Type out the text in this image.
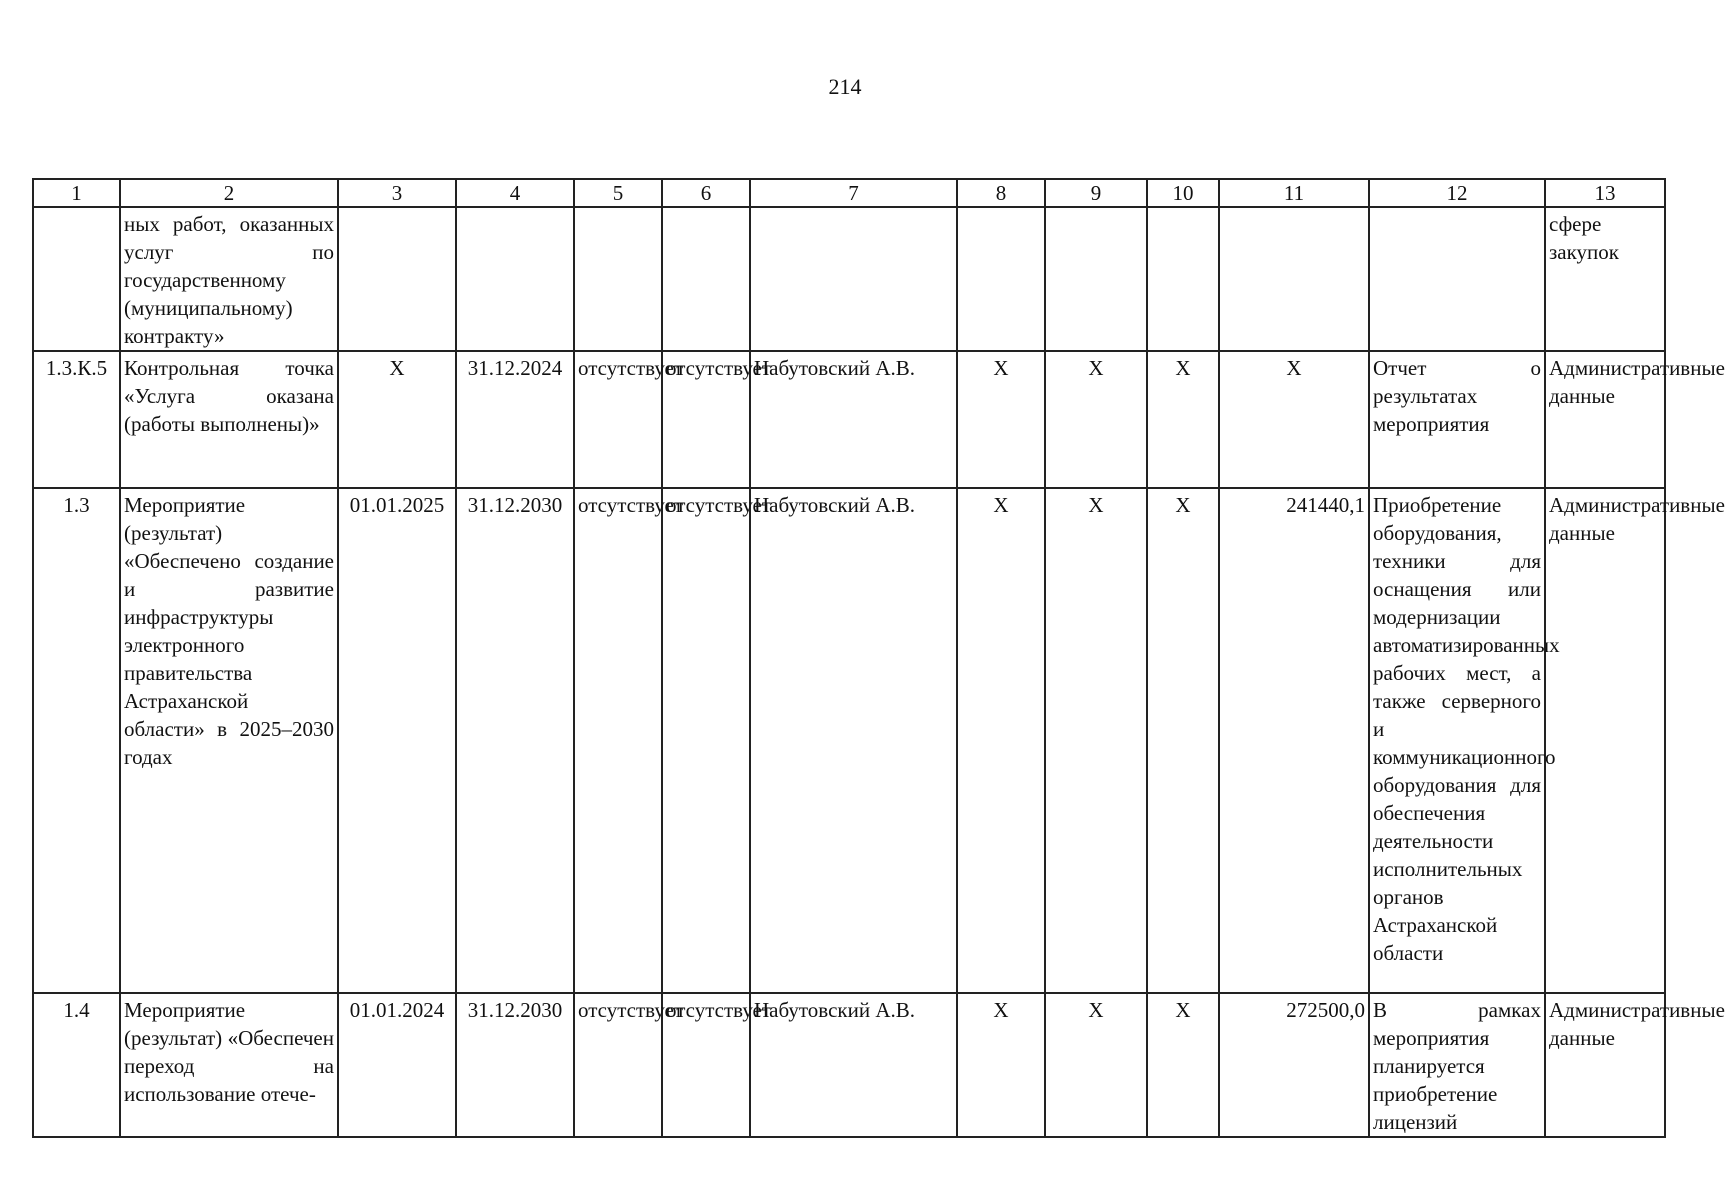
214
1	2	3	4	5	6	7	8	9	10	11	12	13
	ных работ, оказанных услуг по государственному (муниципальному) контракту»											сфере закупок
1.3.К.5	Контрольная точка «Услуга оказана (работы выполнены)»	Х	31.12.2024	отсутствует	отсутствует	Набутовский А.В.	Х	Х	Х	Х	Отчет о результатах мероприятия	Административные данные
1.3	Мероприятие (результат) «Обеспечено создание и развитие инфраструктуры электронного правительства Астраханской области» в 2025–2030 годах	01.01.2025	31.12.2030	отсутствует	отсутствует	Набутовский А.В.	Х	Х	Х	241440,1	Приобретение оборудования, техники для оснащения или модернизации автоматизированных рабочих мест, а также серверного и коммуникационного оборудования для обеспечения деятельности исполнительных органов Астраханской области	Административные данные
1.4	Мероприятие (результат) «Обеспечен переход на использование отече-	01.01.2024	31.12.2030	отсутствует	отсутствует	Набутовский А.В.	Х	Х	Х	272500,0	В рамках мероприятия планируется приобретение лицензий	Административные данные
